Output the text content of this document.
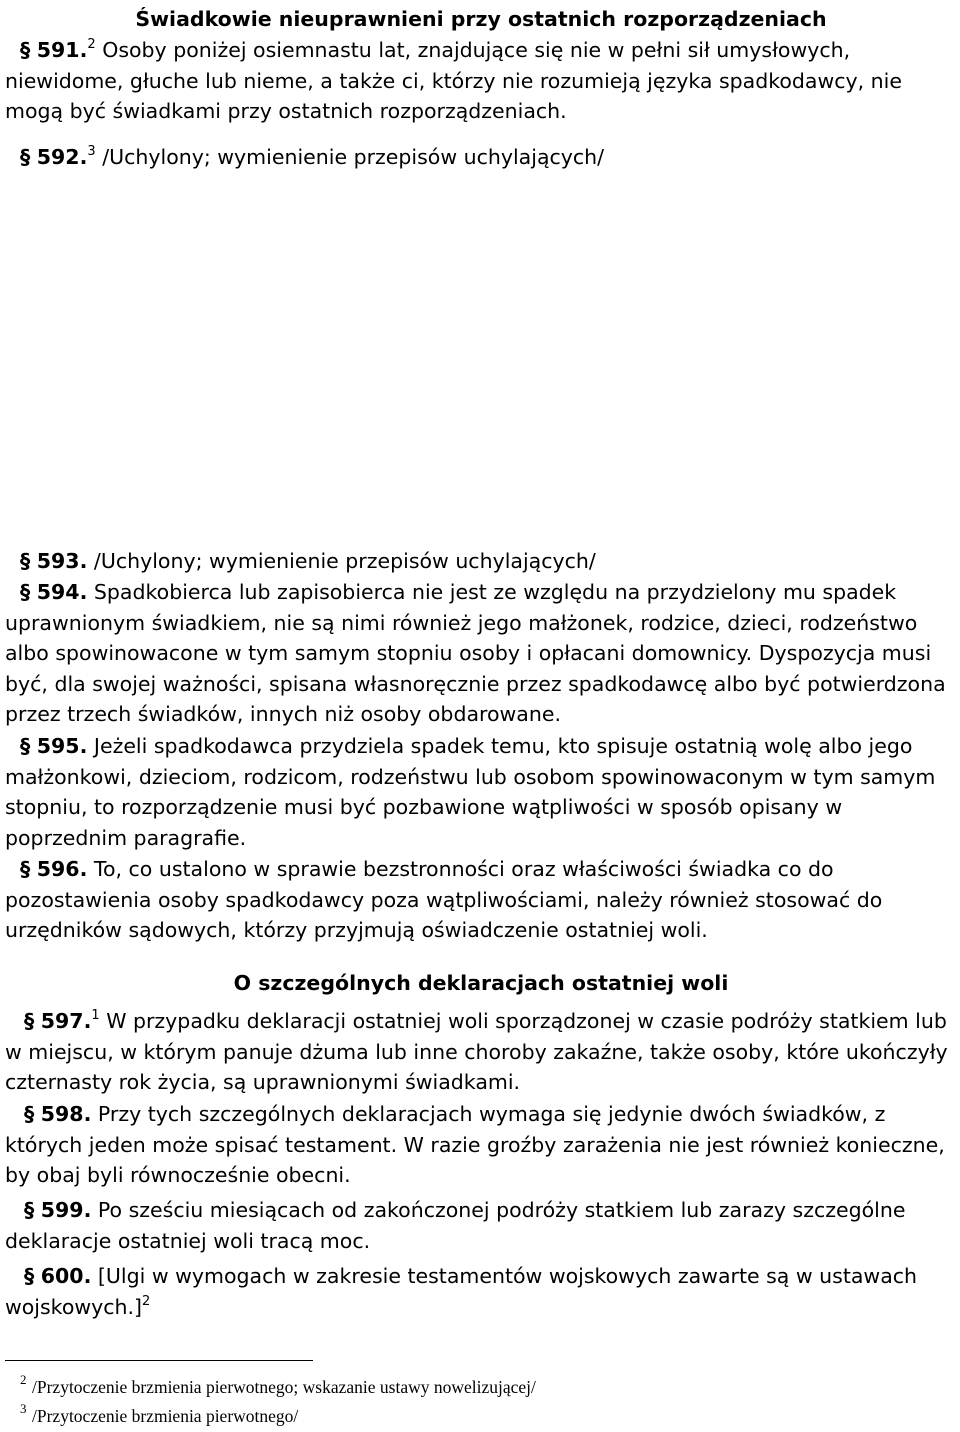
Świadkowie nieuprawnieni przy ostatnich rozporządzeniach

§ 591.$^2$ Osoby poniżej osiemnastu lat, znajdujące się nie w pełni sił umysłowych, niewidome, głuche lub nieme, a także ci, którzy nie rozumieją języka spadkodawcy, nie mogą być świadkami przy ostatnich rozporządzeniach.

§ 592.$^3$ /Uchylony; wymienienie przepisów uchylających/

§ 593. /Uchylony; wymienienie przepisów uchylających/

§ 594. Spadkobierca lub zapisobierca nie jest ze względu na przydzielony mu spadek uprawnionym świadkiem, nie są nimi również jego małżonek, rodzice, dzieci, rodzeństwo albo spowinowacone w tym samym stopniu osoby i opłacani domownicy. Dyspozycja musi być, dla swojej ważności, spisana własnoręcznie przez spadkodawcę albo być potwierdzona przez trzech świadków, innych niż osoby obdarowane.

§ 595. Jeżeli spadkodawca przydziela spadek temu, kto spisuje ostatnią wolę albo jego małżonkowi, dzieciom, rodzicom, rodzeństwu lub osobom spowinowaconym w tym samym stopniu, to rozporządzenie musi być pozbawione wątpliwości w sposób opisany w poprzednim paragrafie.

§ 596. To, co ustalono w sprawie bezstronności oraz właściwości świadka co do pozostawienia osoby spadkodawcy poza wątpliwościami, należy również stosować do urzędników sądowych, którzy przyjmują oświadczenie ostatniej woli.

O szczególnych deklaracjach ostatniej woli

§ 597.$^1$ W przypadku deklaracji ostatniej woli sporządzonej w czasie podróży statkiem lub w miejscu, w którym panuje dżuma lub inne choroby zakaźne, także osoby, które ukończyły czternasty rok życia, są uprawnionymi świadkami.

§ 598. Przy tych szczególnych deklaracjach wymaga się jedynie dwóch świadków, z których jeden może spisać testament. W razie groźby zarażenia nie jest również konieczne, by obaj byli równocześnie obecni.

§ 599. Po sześciu miesiącach od zakończonej podróży statkiem lub zarazy szczególne deklaracje ostatniej woli tracą moc.

§ 600. [Ulgi w wymogach w zakresie testamentów wojskowych zawarte są w ustawach wojskowych.]$^2$

$^2$ /Przytoczenie brzmienia pierwotnego; wskazanie ustawy nowelizującej/
$^3$ /Przytoczenie brzmienia pierwotnego/
